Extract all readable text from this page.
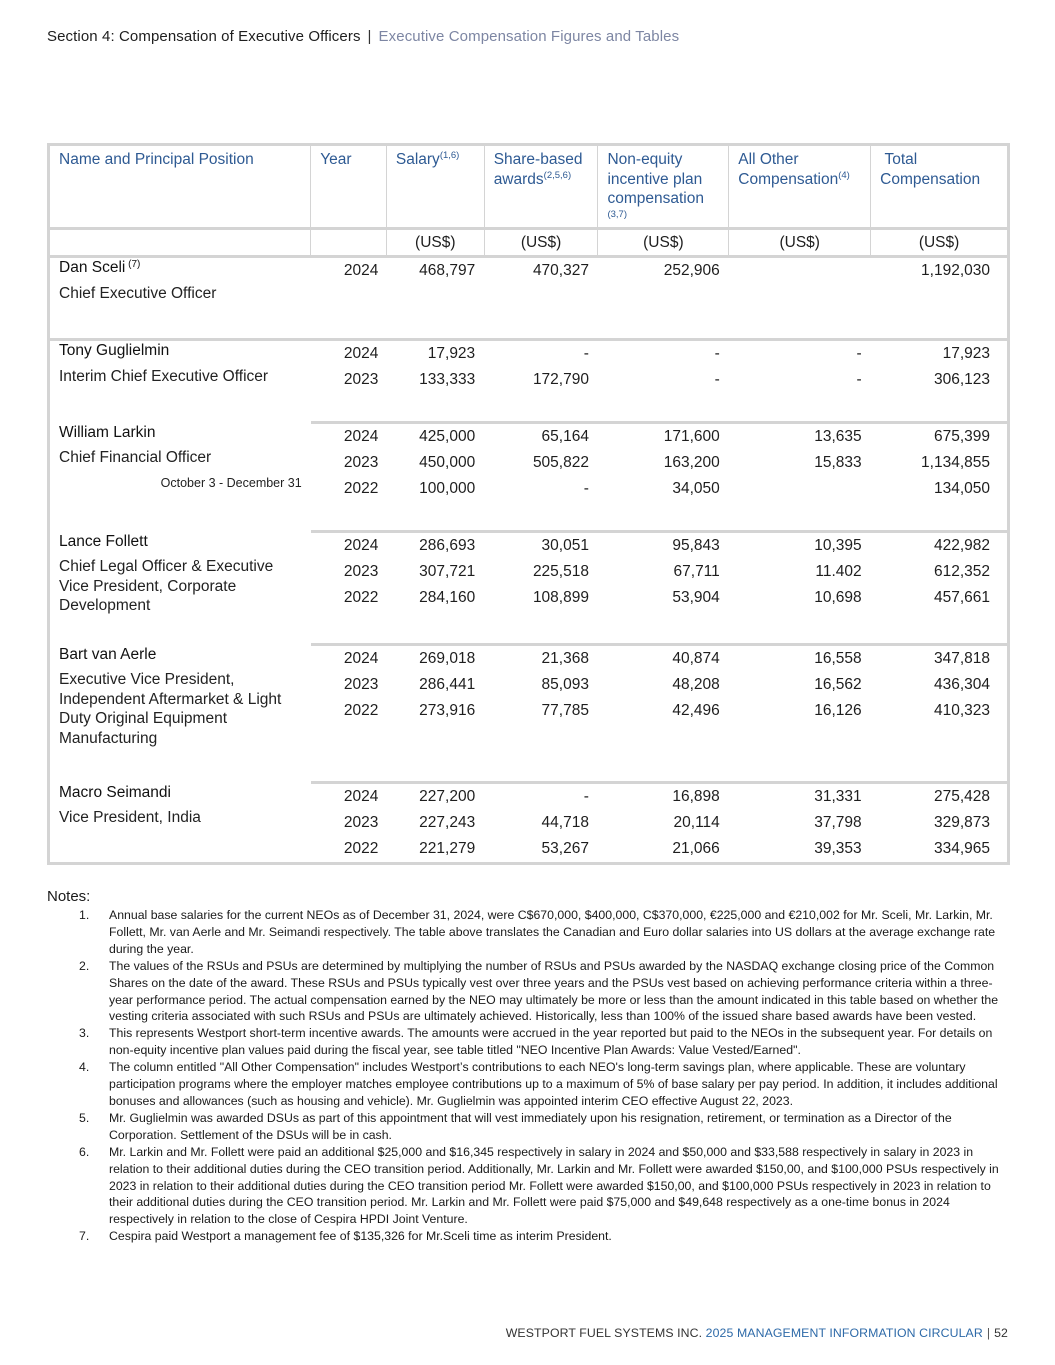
Section 4: Compensation of Executive Officers | Executive Compensation Figures and Tables
Name and Principal Position	Year	Salary$^{(1,6)}$	Share-based
awards$^{(2,5,6)}$	Non-equity
incentive plan
compensation
(3,7)	All Other
Compensation$^{(4)}$	Total
Compensation
		(US$)	(US$)	(US$)	(US$)	(US$)

Dan Sceli $^{(7)}$
Chief Executive Officer	2024	468,797	470,327	252,906		1,192,030

Tony Guglielmin
Interim Chief Executive Officer	2024	17,923	-	-	-	17,923
	2023	133,333	172,790	-	-	306,123

William Larkin
Chief Financial Officer
October 3 - December 31	2024	425,000	65,164	171,600	13,635	675,399
	2023	450,000	505,822	163,200	15,833	1,134,855
	2022	100,000	-	34,050		134,050

Lance Follett
Chief Legal Officer & Executive
Vice President, Corporate
Development	2024	286,693	30,051	95,843	10,395	422,982
	2023	307,721	225,518	67,711	11.402	612,352
	2022	284,160	108,899	53,904	10,698	457,661

Bart van Aerle
Executive Vice President,
Independent Aftermarket & Light
Duty Original Equipment
Manufacturing	2024	269,018	21,368	40,874	16,558	347,818
	2023	286,441	85,093	48,208	16,562	436,304
	2022	273,916	77,785	42,496	16,126	410,323

Macro Seimandi
Vice President, India	2024	227,200	-	16,898	31,331	275,428
	2023	227,243	44,718	20,114	37,798	329,873
	2022	221,279	53,267	21,066	39,353	334,965
Notes:
1. Annual base salaries for the current NEOs as of December 31, 2024, were C$670,000, $400,000, C$370,000, €225,000 and €210,002 for Mr. Sceli, Mr. Larkin, Mr. Follett, Mr. van Aerle and Mr. Seimandi respectively. The table above translates the Canadian and Euro dollar salaries into US dollars at the average exchange rate during the year.
2. The values of the RSUs and PSUs are determined by multiplying the number of RSUs and PSUs awarded by the NASDAQ exchange closing price of the Common Shares on the date of the award. These RSUs and PSUs typically vest over three years and the PSUs vest based on achieving performance criteria within a three-year performance period. The actual compensation earned by the NEO may ultimately be more or less than the amount indicated in this table based on whether the vesting criteria associated with such RSUs and PSUs are ultimately achieved. Historically, less than 100% of the issued share based awards have been vested.
3. This represents Westport short-term incentive awards. The amounts were accrued in the year reported but paid to the NEOs in the subsequent year. For details on non-equity incentive plan values paid during the fiscal year, see table titled "NEO Incentive Plan Awards: Value Vested/Earned".
4. The column entitled "All Other Compensation" includes Westport’s contributions to each NEO's long-term savings plan, where applicable. These are voluntary participation programs where the employer matches employee contributions up to a maximum of 5% of base salary per pay period. In addition, it includes additional bonuses and allowances (such as housing and vehicle). Mr. Guglielmin was appointed interim CEO effective August 22, 2023.
5. Mr. Guglielmin was awarded DSUs as part of this appointment that will vest immediately upon his resignation, retirement, or termination as a Director of the Corporation. Settlement of the DSUs will be in cash.
6. Mr. Larkin and Mr. Follett were paid an additional $25,000 and $16,345 respectively in salary in 2024 and $50,000 and $33,588 respectively in salary in 2023 in relation to their additional duties during the CEO transition period. Additionally, Mr. Larkin and Mr. Follett were awarded $150,00, and $100,000 PSUs respectively in 2023 in relation to their additional duties during the CEO transition period Mr. Follett were awarded $150,00, and $100,000 PSUs respectively in 2023 in relation to their additional duties during the CEO transition period. Mr. Larkin and Mr. Follett were paid $75,000 and $49,648 respectively as a one-time bonus in 2024 respectively in relation to the close of Cespira HPDI Joint Venture.
7. Cespira paid Westport a management fee of $135,326 for Mr.Sceli time as interim President.
WESTPORT FUEL SYSTEMS INC. 2025 MANAGEMENT INFORMATION CIRCULAR | 52
